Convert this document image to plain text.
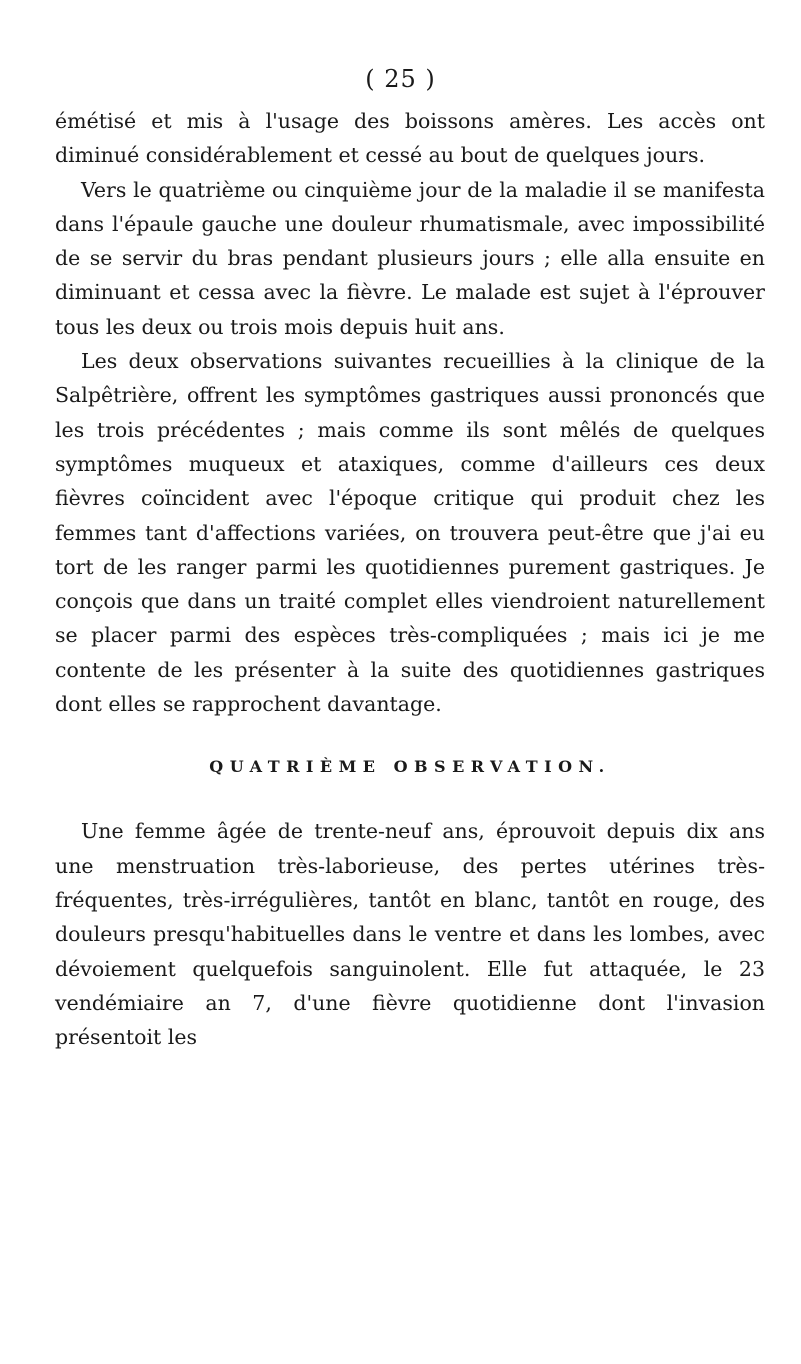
( 25 )

émétisé et mis à l'usage des boissons amères. Les accès ont diminué considérablement et cessé au bout de quelques jours.

Vers le quatrième ou cinquième jour de la maladie il se manifesta dans l'épaule gauche une douleur rhumatismale, avec impossibilité de se servir du bras pendant plusieurs jours ; elle alla ensuite en diminuant et cessa avec la fièvre. Le malade est sujet à l'éprouver tous les deux ou trois mois depuis huit ans.

Les deux observations suivantes recueillies à la clinique de la Salpêtrière, offrent les symptômes gastriques aussi prononcés que les trois précédentes ; mais comme ils sont mêlés de quelques symptômes muqueux et ataxiques, comme d'ailleurs ces deux fièvres coïncident avec l'époque critique qui produit chez les femmes tant d'affections variées, on trouvera peut-être que j'ai eu tort de les ranger parmi les quotidiennes purement gastriques. Je conçois que dans un traité complet elles viendroient naturellement se placer parmi des espèces très-compliquées ; mais ici je me contente de les présenter à la suite des quotidiennes gastriques dont elles se rapprochent davantage.

QUATRIÈME OBSERVATION.

Une femme âgée de trente-neuf ans, éprouvoit depuis dix ans une menstruation très-laborieuse, des pertes utérines très-fréquentes, très-irrégulières, tantôt en blanc, tantôt en rouge, des douleurs presqu'habituelles dans le ventre et dans les lombes, avec dévoiement quelquefois sanguinolent. Elle fut attaquée, le 23 vendémiaire an 7, d'une fièvre quotidienne dont l'invasion présentoit les
